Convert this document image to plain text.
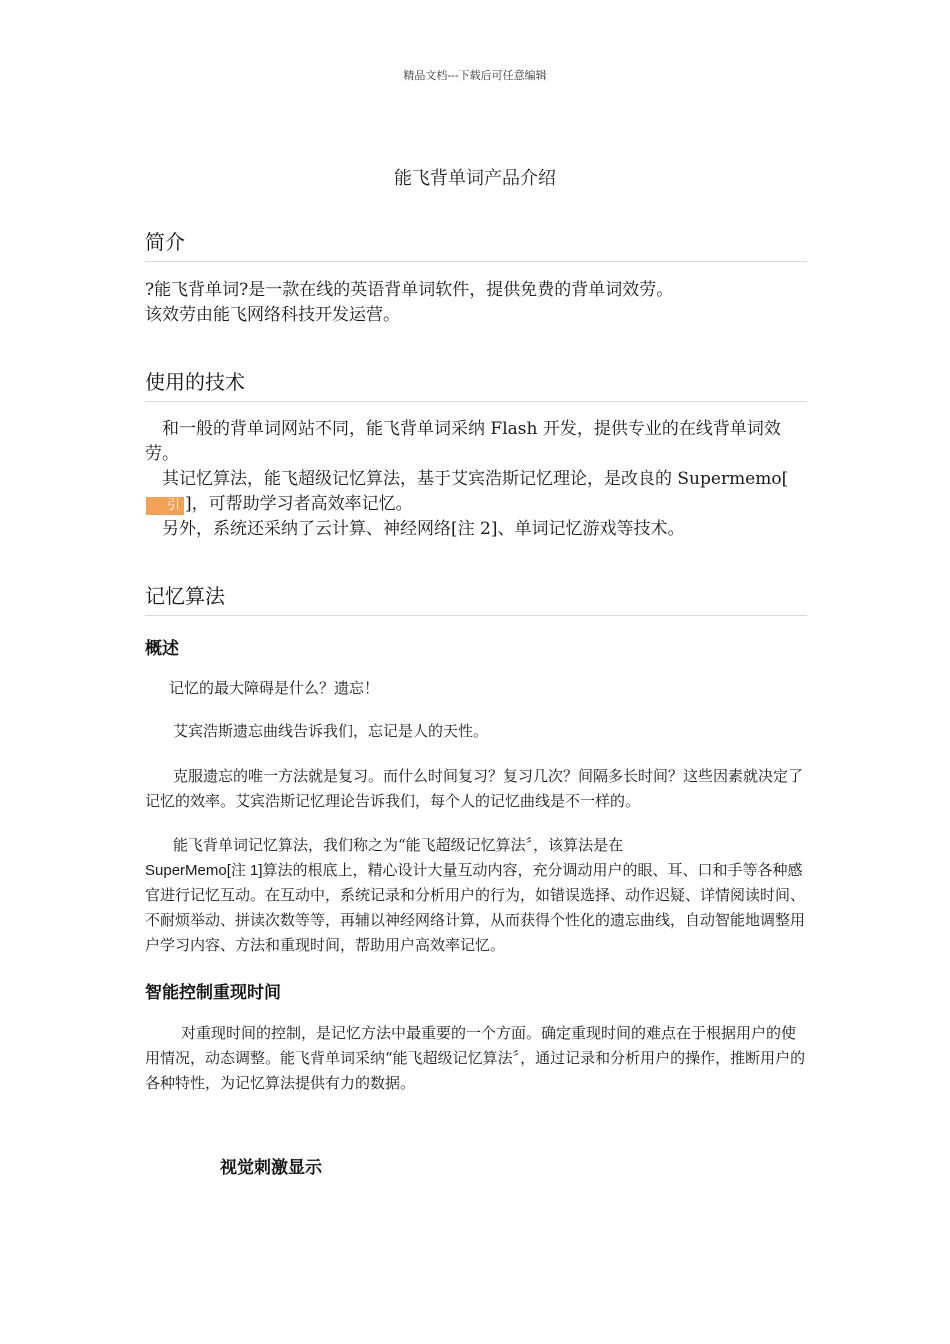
精品文档---下载后可任意编辑
能飞背单词产品介绍
简介

?能飞背单词?是一款在线的英语背单词软件，提供免费的背单词效劳。

该效劳由能飞网络科技开发运营。

使用的技术

和一般的背单词网站不同，能飞背单词采纳 Flash 开发，提供专业的在线背单词效劳。

其记忆算法，能飞超级记忆算法，基于艾宾浩斯记忆理论，是改良的 Supermemo[引 ]，可帮助学习者高效率记忆。

另外，系统还采纳了云计算、神经网络[注 2]、单词记忆游戏等技术。

记忆算法
概述

记忆的最大障碍是什么？遗忘！

艾宾浩斯遗忘曲线告诉我们，忘记是人的天性。

克服遗忘的唯一方法就是复习。而什么时间复习？复习几次？间隔多长时间？这些因素就决定了记忆的效率。艾宾浩斯记忆理论告诉我们，每个人的记忆曲线是不一样的。

能飞背单词记忆算法，我们称之为“能飞超级记忆算法〞，该算法是在
SuperMemo[注 1]算法的根底上，精心设计大量互动内容，充分调动用户的眼、耳、口和手等各种感官进行记忆互动。在互动中，系统记录和分析用户的行为，如错误选择、动作迟疑、详情阅读时间、不耐烦举动、拼读次数等等，再辅以神经网络计算，从而获得个性化的遗忘曲线，自动智能地调整用户学习内容、方法和重现时间，帮助用户高效率记忆。

智能控制重现时间

对重现时间的控制，是记忆方法中最重要的一个方面。确定重现时间的难点在于根据用户的使用情况，动态调整。能飞背单词采纳“能飞超级记忆算法〞，通过记录和分析用户的操作，推断用户的各种特性，为记忆算法提供有力的数据。

视觉刺激显示
